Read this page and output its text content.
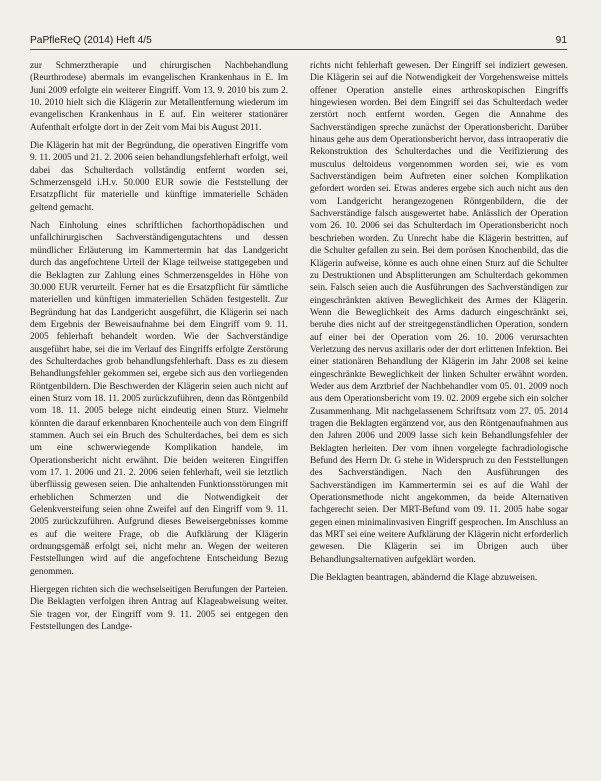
PaPfleReQ (2014) Heft 4/5	91

zur Schmerztherapie und chirurgischen Nachbehandlung (Reurthrodese) abermals im evangelischen Krankenhaus in E. Im Juni 2009 erfolgte ein weiterer Eingriff. Vom 13. 9. 2010 bis zum 2. 10. 2010 hielt sich die Klägerin zur Metallentfernung wiederum im evangelischen Krankenhaus in E auf. Ein weiterer stationärer Aufenthalt erfolgte dort in der Zeit vom Mai bis August 2011.

Die Klägerin hat mit der Begründung, die operativen Eingriffe vom 9. 11. 2005 und 21. 2. 2006 seien behandlungsfehlerhaft erfolgt, weil dabei das Schulterdach vollständig entfernt worden sei, Schmerzensgeld i.H.v. 50.000 EUR sowie die Feststellung der Ersatzpflicht für materielle und künftige immaterielle Schäden geltend gemacht.

Nach Einholung eines schriftlichen fachorthopädischen und unfallchirurgischen Sachverständigengutachtens und dessen mündlicher Erläuterung im Kammertermin hat das Landgericht durch das angefochtene Urteil der Klage teilweise stattgegeben und die Beklagten zur Zahlung eines Schmerzensgeldes in Höhe von 30.000 EUR verurteilt. Ferner hat es die Ersatzpflicht für sämtliche materiellen und künftigen immateriellen Schäden festgestellt. Zur Begründung hat das Landgericht ausgeführt, die Klägerin sei nach dem Ergebnis der Beweisaufnahme bei dem Eingriff vom 9. 11. 2005 fehlerhaft behandelt worden. Wie der Sachverständige ausgeführt habe, sei die im Verlauf des Eingriffs erfolgte Zerstörung des Schulterdaches grob behandlungsfehlerhaft. Dass es zu diesem Behandlungsfehler gekommen sei, ergebe sich aus den vorliegenden Röntgenbildern. Die Beschwerden der Klägerin seien auch nicht auf einen Sturz vom 18. 11. 2005 zurückzuführen, denn das Röntgenbild vom 18. 11. 2005 belege nicht eindeutig einen Sturz. Vielmehr könnten die darauf erkennbaren Knochenteile auch von dem Eingriff stammen. Auch sei ein Bruch des Schulterdaches, bei dem es sich um eine schwerwiegende Komplikation handele, im Operationsbericht nicht erwähnt. Die beiden weiteren Eingriffen vom 17. 1. 2006 und 21. 2. 2006 seien fehlerhaft, weil sie letztlich überflüssig gewesen seien. Die anhaltenden Funktionsstörungen mit erheblichen Schmerzen und die Notwendigkeit der Gelenkversteifung seien ohne Zweifel auf den Eingriff vom 9. 11. 2005 zurückzuführen. Aufgrund dieses Beweisergebnisses komme es auf die weitere Frage, ob die Aufklärung der Klägerin ordnungsgemäß erfolgt sei, nicht mehr an. Wegen der weiteren Feststellungen wird auf die angefochtene Entscheidung Bezug genommen.

Hiergegen richten sich die wechselseitigen Berufungen der Parteien. Die Beklagten verfolgen ihren Antrag auf Klageabweisung weiter. Sie tragen vor, der Eingriff vom 9. 11. 2005 sei entgegen den Feststellungen des Landge-

richts nicht fehlerhaft gewesen. Der Eingriff sei indiziert gewesen. Die Klägerin sei auf die Notwendigkeit der Vorgehensweise mittels offener Operation anstelle eines arthroskopischen Eingriffs hingewiesen worden. Bei dem Eingriff sei das Schulterdach weder zerstört noch entfernt worden. Gegen die Annahme des Sachverständigen spreche zunächst der Operationsbericht. Darüber hinaus gehe aus dem Operationsbericht hervor, dass intraoperativ die Rekonstruktion des Schulterdaches und die Verifizierung des musculus deltoideus vorgenommen worden sei, wie es vom Sachverständigen beim Auftreten einer solchen Komplikation gefordert worden sei. Etwas anderes ergebe sich auch nicht aus den vom Landgericht herangezogenen Röntgenbildern, die der Sachverständige falsch ausgewertet habe. Anlässlich der Operation vom 26. 10. 2006 sei das Schulterdach im Operationsbericht noch beschrieben worden. Zu Unrecht habe die Klägerin bestritten, auf die Schulter gefallen zu sein. Bei dem porösen Knochenbild, das die Klägerin aufweise, könne es auch ohne einen Sturz auf die Schulter zu Destruktionen und Absplitterungen am Schulterdach gekommen sein. Falsch seien auch die Ausführungen des Sachverständigen zur eingeschränkten aktiven Beweglichkeit des Armes der Klägerin. Wenn die Beweglichkeit des Arms dadurch eingeschränkt sei, beruhe dies nicht auf der streitgegenständlichen Operation, sondern auf einer bei der Operation vom 26. 10. 2006 verursachten Verletzung des nervus axillaris oder der dort erlittenen Infektion. Bei einer stationären Behandlung der Klägerin im Jahr 2008 sei keine eingeschränkte Beweglichkeit der linken Schulter erwähnt worden. Weder aus dem Arztbrief der Nachbehandler vom 05. 01. 2009 noch aus dem Operationsbericht vom 19. 02. 2009 ergebe sich ein solcher Zusammenhang. Mit nachgelassenem Schriftsatz vom 27. 05. 2014 tragen die Beklagten ergänzend vor, aus den Röntgenaufnahmen aus den Jahren 2006 und 2009 lasse sich kein Behandlungsfehler der Beklagten herleiten. Der vom ihnen vorgelegte fachradiologische Befund des Herrn Dr. G stehe in Widerspruch zu den Feststellungen des Sachverständigen. Nach den Ausführungen des Sachverständigen im Kammertermin sei es auf die Wahl der Operationsmethode nicht angekommen, da beide Alternativen fachgerecht seien. Der MRT-Befund vom 09. 11. 2005 habe sogar gegen einen minimalinvasiven Eingriff gesprochen. Im Anschluss an das MRT sei eine weitere Aufklärung der Klägerin nicht erforderlich gewesen. Die Klägerin sei im Übrigen auch über Behandlungsalternativen aufgeklärt worden.

Die Beklagten beantragen, abändernd die Klage abzuweisen.
